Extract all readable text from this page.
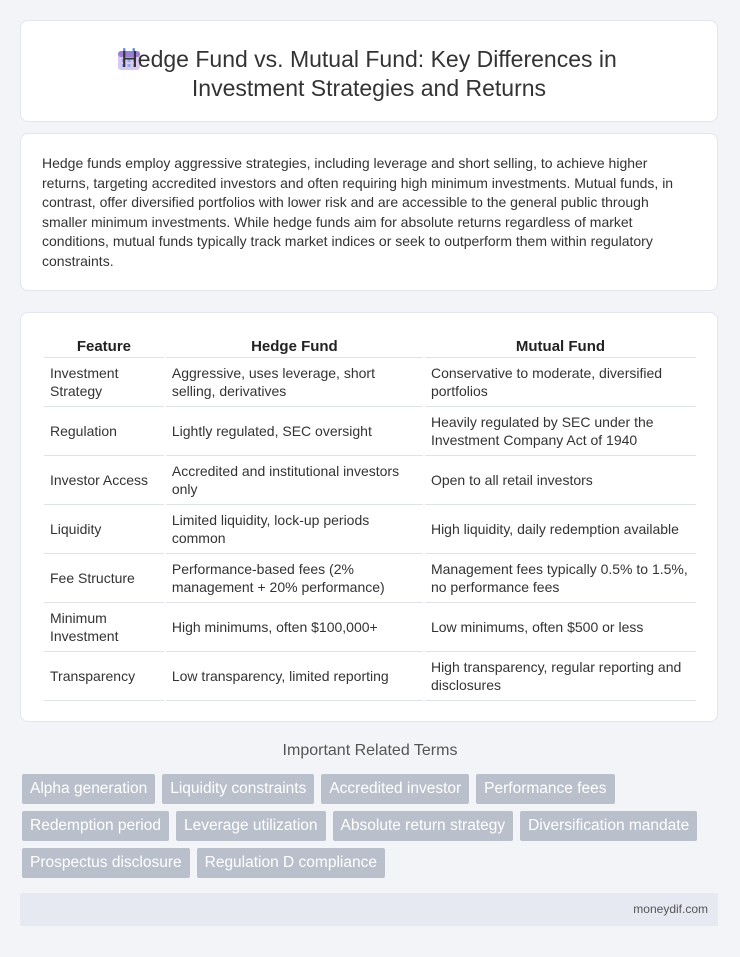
Hedge Fund vs. Mutual Fund: Key Differences in
Investment Strategies and Returns
Hedge funds employ aggressive strategies, including leverage and short selling, to achieve higher returns, targeting accredited investors and often requiring high minimum investments. Mutual funds, in contrast, offer diversified portfolios with lower risk and are accessible to the general public through smaller minimum investments. While hedge funds aim for absolute returns regardless of market conditions, mutual funds typically track market indices or seek to outperform them within regulatory constraints.
Feature	Hedge Fund	Mutual Fund
Investment Strategy	Aggressive, uses leverage, short selling, derivatives	Conservative to moderate, diversified portfolios
Regulation	Lightly regulated, SEC oversight	Heavily regulated by SEC under the Investment Company Act of 1940
Investor Access	Accredited and institutional investors only	Open to all retail investors
Liquidity	Limited liquidity, lock-up periods common	High liquidity, daily redemption available
Fee Structure	Performance-based fees (2% management + 20% performance)	Management fees typically 0.5% to 1.5%, no performance fees
Minimum Investment	High minimums, often $100,000+	Low minimums, often $500 or less
Transparency	Low transparency, limited reporting	High transparency, regular reporting and disclosures
Important Related Terms
Alpha generation	Liquidity constraints	Accredited investor	Performance fees
Redemption period	Leverage utilization	Absolute return strategy	Diversification mandate
Prospectus disclosure	Regulation D compliance
moneydif.com
